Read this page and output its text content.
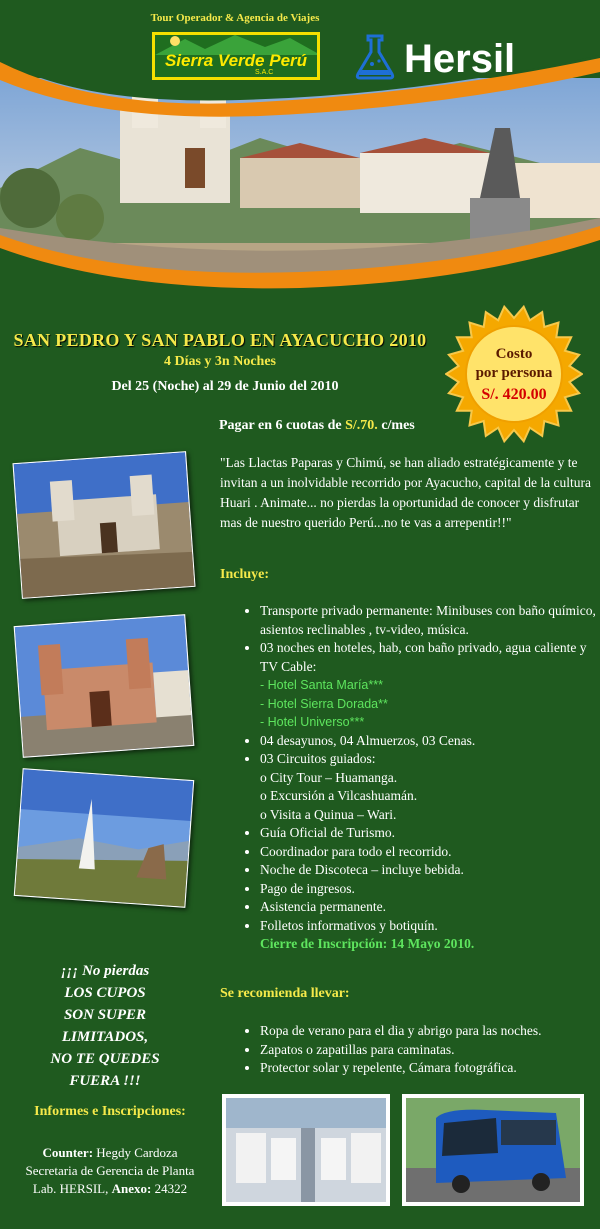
Tour Operador & Agencia de Viajes
Sierra Verde Perú
S.A.C	Hersil
SAN PEDRO Y SAN PABLO EN AYACUCHO 2010
4 Días y 3n Noches
Del 25 (Noche) al 29 de Junio del 2010
Costo
por persona
S/. 420.00
Pagar en 6 cuotas de S/.70. c/mes
"Las Llactas Paparas y Chimú, se han aliado estratégicamente y te invitan a un inolvidable recorrido por Ayacucho, capital de la cultura Huari . Animate... no pierdas la oportunidad de conocer y disfrutar mas de nuestro querido Perú...no te vas a arrepentir!!"
Incluye:
• Transporte privado permanente: Minibuses con baño químico, asientos reclinables , tv-video, música.
• 03 noches en hoteles, hab, con baño privado, agua caliente y TV Cable:
- Hotel Santa María***
- Hotel Sierra Dorada**
- Hotel Universo***
• 04 desayunos, 04 Almuerzos, 03 Cenas.
• 03 Circuitos guiados:
o City Tour – Huamanga.
o Excursión a Vilcashuamán.
o Visita a Quinua – Wari.
• Guía Oficial de Turismo.
• Coordinador para todo el recorrido.
• Noche de Discoteca – incluye bebida.
• Pago de ingresos.
• Asistencia permanente.
• Folletos informativos y botiquín.
Cierre de Inscripción: 14 Mayo 2010.
Se recomienda llevar:
• Ropa de verano para el dia y abrigo para las noches.
• Zapatos o zapatillas para caminatas.
• Protector solar y repelente, Cámara fotográfica.
¡¡¡ No pierdas
LOS CUPOS
SON SUPER
LIMITADOS,
NO TE QUEDES
FUERA !!!
Informes e Inscripciones:
Counter: Hegdy Cardoza
Secretaria de Gerencia de Planta
Lab. HERSIL, Anexo: 24322
